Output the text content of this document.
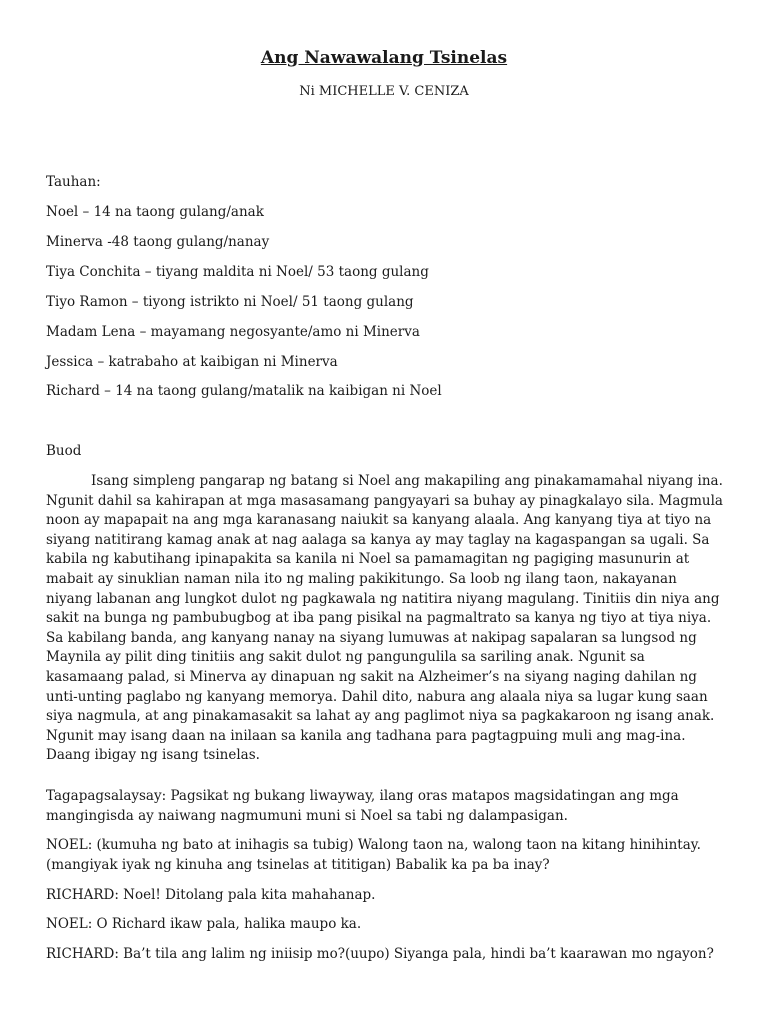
Ang Nawawalang Tsinelas
Ni MICHELLE V. CENIZA
Tauhan:
Noel – 14 na taong gulang/anak
Minerva -48 taong gulang/nanay
Tiya Conchita – tiyang maldita ni Noel/ 53 taong gulang
Tiyo Ramon – tiyong istrikto ni Noel/ 51 taong gulang
Madam Lena – mayamang negosyante/amo ni Minerva
Jessica – katrabaho at kaibigan ni Minerva
Richard – 14 na taong gulang/matalik na kaibigan ni Noel
Buod
Isang simpleng pangarap ng batang si Noel ang makapiling ang pinakamamahal niyang ina. Ngunit dahil sa kahirapan at mga masasamang pangyayari sa buhay ay pinagkalayo sila. Magmula noon ay mapapait na ang mga karanasang naiukit sa kanyang alaala. Ang kanyang tiya at tiyo na siyang natitirang kamag anak at nag aalaga sa kanya ay may taglay na kagaspangan sa ugali. Sa kabila ng kabutihang ipinapakita sa kanila ni Noel sa pamamagitan ng pagiging masunurin at mabait ay sinuklian naman nila ito ng maling pakikitungo. Sa loob ng ilang taon, nakayanan niyang labanan ang lungkot dulot ng pagkawala ng natitira niyang magulang. Tinitiis din niya ang sakit na bunga ng pambubugbog at iba pang pisikal na pagmaltrato sa kanya ng tiyo at tiya niya. Sa kabilang banda, ang kanyang nanay na siyang lumuwas at nakipag sapalaran sa lungsod ng Maynila ay pilit ding tinitiis ang sakit dulot ng pangungulila sa sariling anak. Ngunit sa kasamaang palad, si Minerva ay dinapuan ng sakit na Alzheimer’s na siyang naging dahilan ng unti-unting paglabo ng kanyang memorya. Dahil dito, nabura ang alaala niya sa lugar kung saan siya nagmula, at ang pinakamasakit sa lahat ay ang paglimot niya sa pagkakaroon ng isang anak. Ngunit may isang daan na inilaan sa kanila ang tadhana para pagtagpuing muli ang mag-ina. Daang ibigay ng isang tsinelas.
Tagapagsalaysay: Pagsikat ng bukang liwayway, ilang oras matapos magsidatingan ang mga mangingisda ay naiwang nagmumuni muni si Noel sa tabi ng dalampasigan.
NOEL: (kumuha ng bato at inihagis sa tubig) Walong taon na, walong taon na kitang hinihintay. (mangiyak iyak ng kinuha ang tsinelas at tititigan) Babalik ka pa ba inay?
RICHARD: Noel! Ditolang pala kita mahahanap.
NOEL: O Richard ikaw pala, halika maupo ka.
RICHARD: Ba’t tila ang lalim ng iniisip mo?(uupo) Siyanga pala, hindi ba’t kaarawan mo ngayon?
